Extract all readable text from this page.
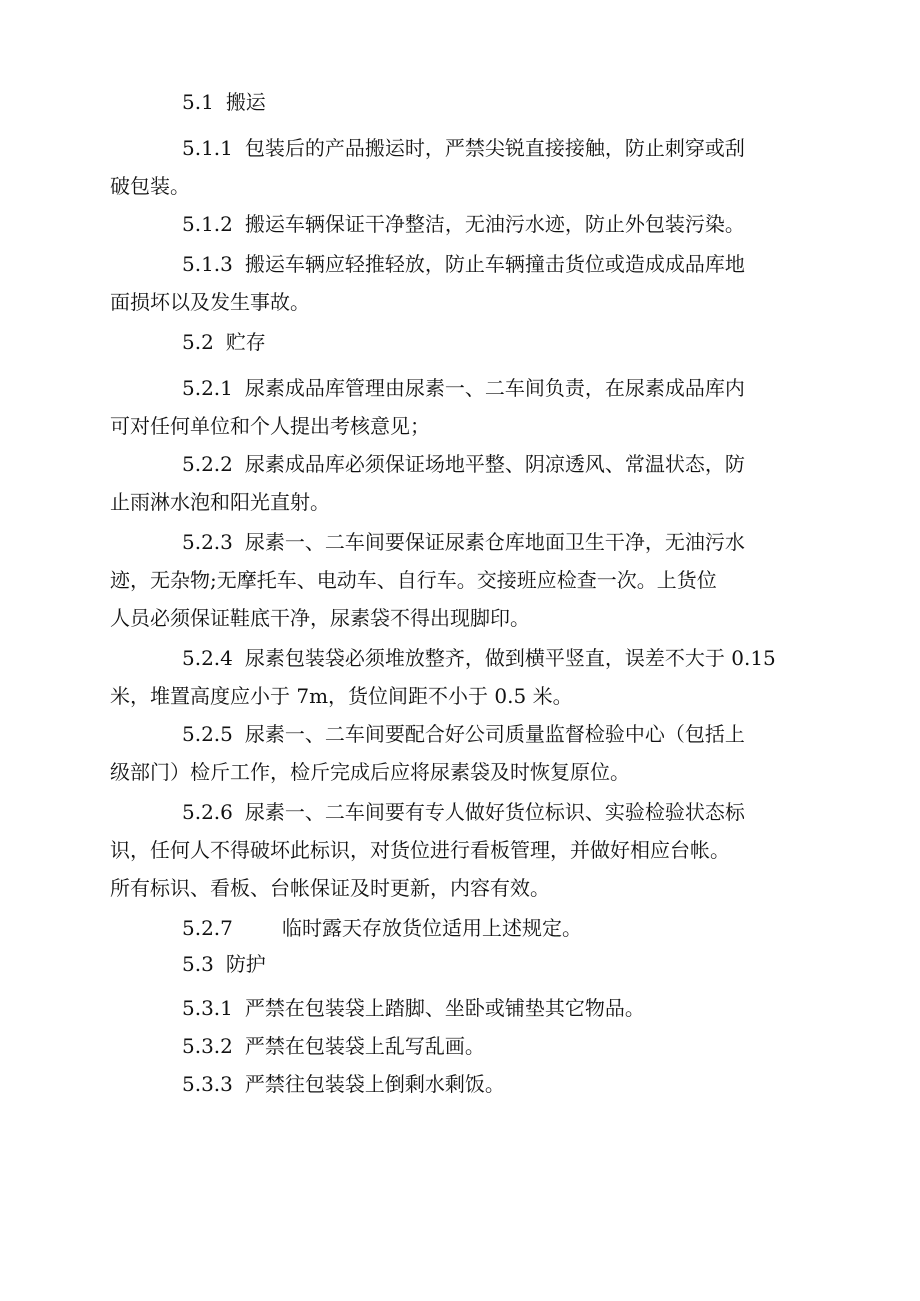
5.1 搬运
5.1.1 包装后的产品搬运时，严禁尖锐直接接触，防止刺穿或刮
破包装。
5.1.2 搬运车辆保证干净整洁，无油污水迹，防止外包装污染。
5.1.3 搬运车辆应轻推轻放，防止车辆撞击货位或造成成品库地
面损坏以及发生事故。
5.2 贮存
5.2.1 尿素成品库管理由尿素一、二车间负责，在尿素成品库内
可对任何单位和个人提出考核意见；
5.2.2 尿素成品库必须保证场地平整、阴凉透风、常温状态，防
止雨淋水泡和阳光直射。
5.2.3 尿素一、二车间要保证尿素仓库地面卫生干净，无油污水
迹，无杂物;无摩托车、电动车、自行车。交接班应检查一次。上货位
人员必须保证鞋底干净，尿素袋不得出现脚印。
5.2.4 尿素包装袋必须堆放整齐，做到横平竖直，误差不大于 0.15
米，堆置高度应小于 7m，货位间距不小于 0.5 米。
5.2.5 尿素一、二车间要配合好公司质量监督检验中心（包括上
级部门）检斤工作，检斤完成后应将尿素袋及时恢复原位。
5.2.6 尿素一、二车间要有专人做好货位标识、实验检验状态标
识，任何人不得破坏此标识，对货位进行看板管理，并做好相应台帐。
所有标识、看板、台帐保证及时更新，内容有效。
5.2.7 临时露天存放货位适用上述规定。
5.3 防护
5.3.1 严禁在包装袋上踏脚、坐卧或铺垫其它物品。
5.3.2 严禁在包装袋上乱写乱画。
5.3.3 严禁往包装袋上倒剩水剩饭。
